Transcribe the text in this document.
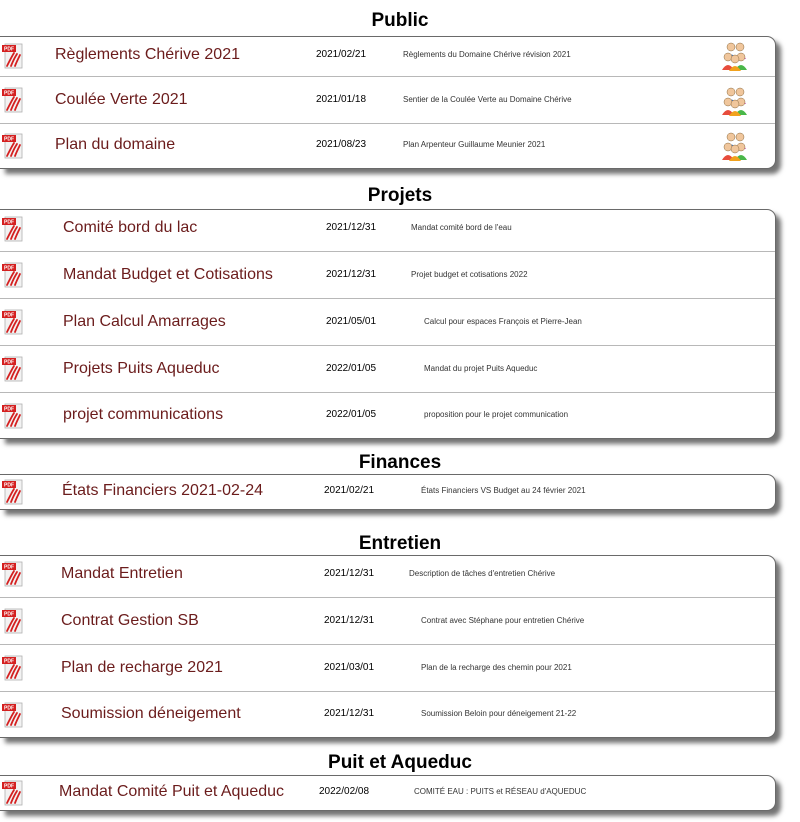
Public
PDF	Règlements Chérive 2021	2021/02/21	Règlements du Domaine Chérive révision 2021
PDF	Coulée Verte 2021	2021/01/18	Sentier de la Coulée Verte au Domaine Chérive
PDF	Plan du domaine	2021/08/23	Plan Arpenteur Guillaume Meunier 2021
Projets
PDF	Comité bord du lac	2021/12/31	Mandat comité bord de l'eau
PDF	Mandat Budget et Cotisations	2021/12/31	Projet budget et cotisations 2022
PDF	Plan Calcul Amarrages	2021/05/01	Calcul pour espaces François et Pierre-Jean
PDF	Projets Puits Aqueduc	2022/01/05	Mandat du projet Puits Aqueduc
PDF	projet communications	2022/01/05	proposition pour le projet communication
Finances
PDF	États Financiers 2021-02-24	2021/02/21	États Financiers VS Budget au 24 février 2021
Entretien
PDF	Mandat Entretien	2021/12/31	Description de tâches d'entretien Chérive
PDF	Contrat Gestion SB	2021/12/31	Contrat avec Stéphane pour entretien Chérive
PDF	Plan de recharge 2021	2021/03/01	Plan de la recharge des chemin pour 2021
PDF	Soumission déneigement	2021/12/31	Soumission Beloin pour déneigement 21-22
Puit et Aqueduc
PDF	Mandat Comité Puit et Aqueduc	2022/02/08	COMITÉ EAU : PUITS et RÉSEAU d'AQUEDUC
